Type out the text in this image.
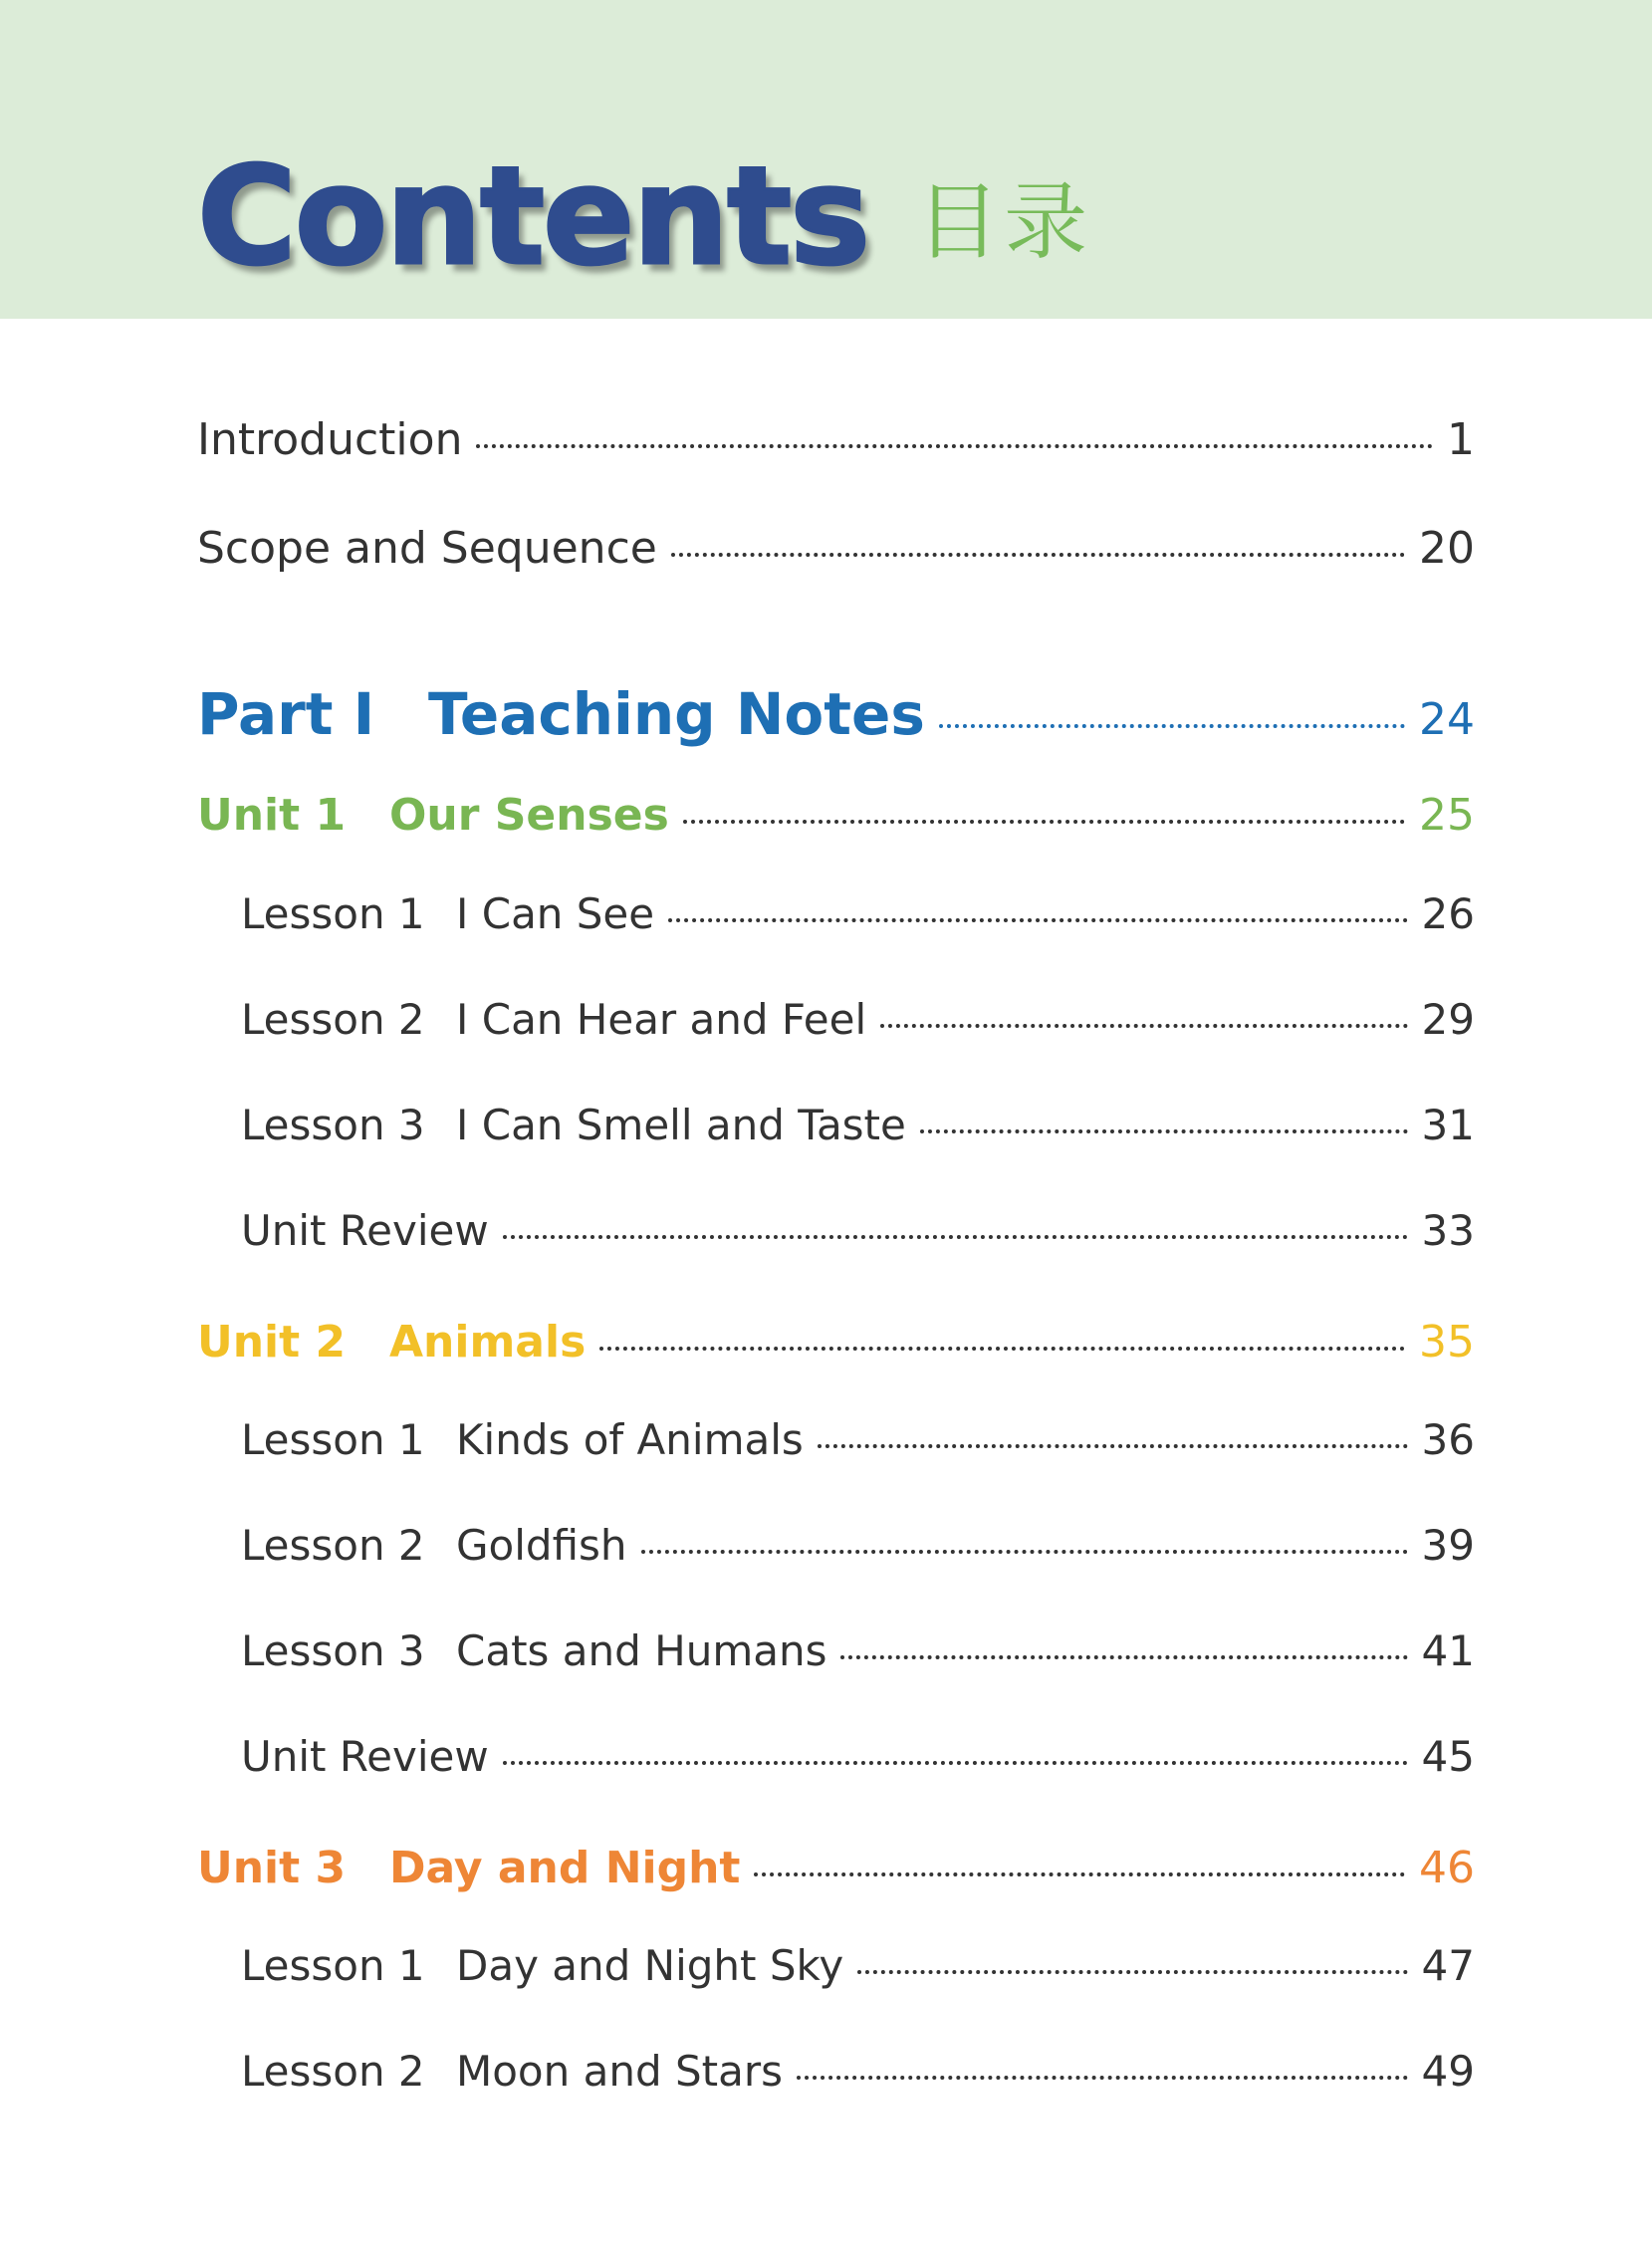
Contents 目录
Introduction	1
Scope and Sequence	20
Part I Teaching Notes	24
Unit 1 Our Senses	25
Lesson 1 I Can See	26
Lesson 2 I Can Hear and Feel	29
Lesson 3 I Can Smell and Taste	31
Unit Review	33
Unit 2 Animals	35
Lesson 1 Kinds of Animals	36
Lesson 2 Goldfish	39
Lesson 3 Cats and Humans	41
Unit Review	45
Unit 3 Day and Night	46
Lesson 1 Day and Night Sky	47
Lesson 2 Moon and Stars	49
